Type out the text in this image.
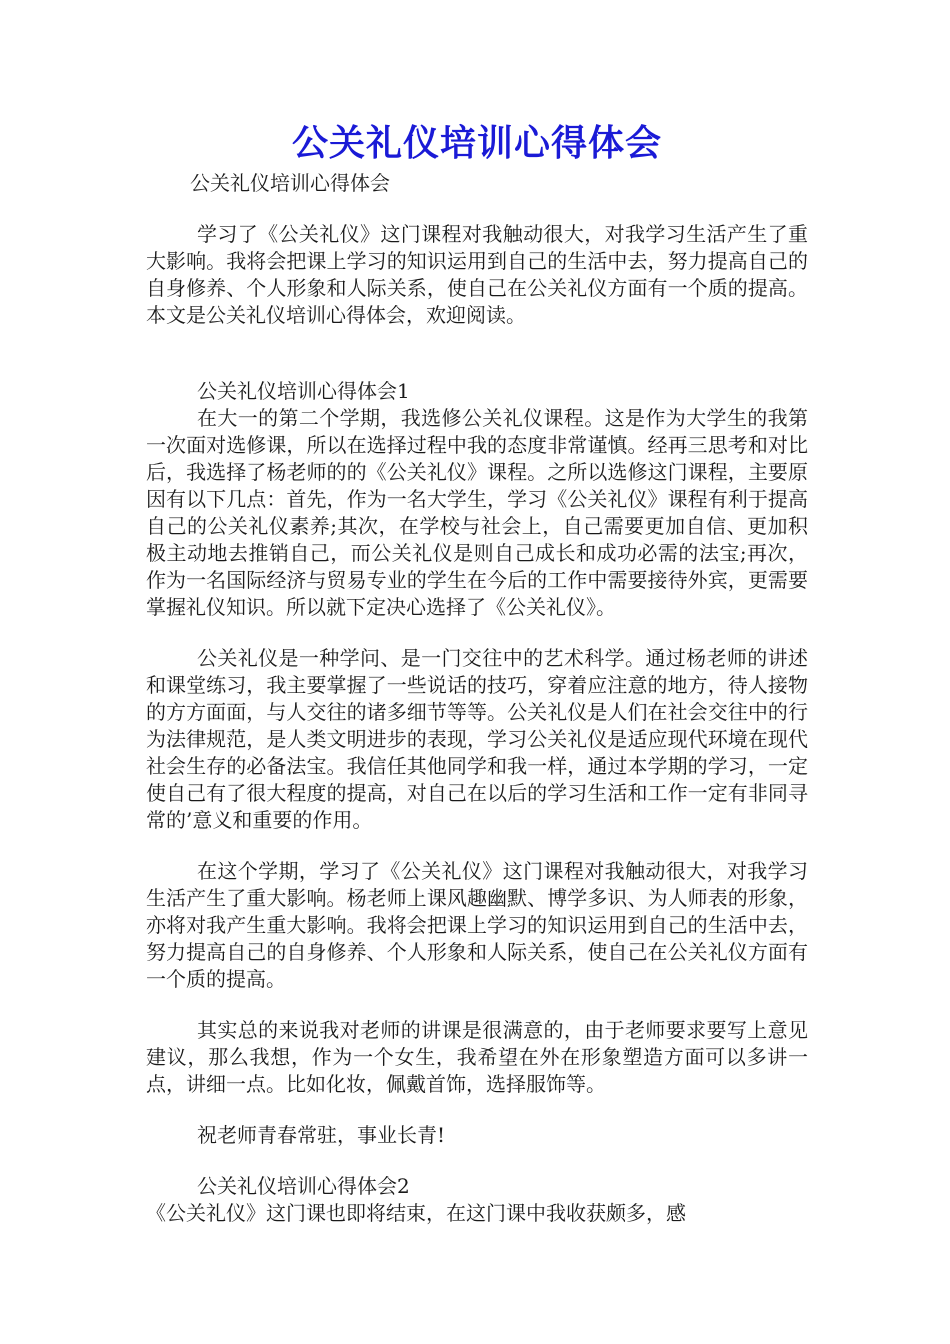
公关礼仪培训心得体会

公关礼仪培训心得体会

学习了《公关礼仪》这门课程对我触动很大，对我学习生活产生了重大影响。我将会把课上学习的知识运用到自己的生活中去，努力提高自己的自身修养、个人形象和人际关系，使自己在公关礼仪方面有一个质的提高。本文是公关礼仪培训心得体会，欢迎阅读。

公关礼仪培训心得体会1

在大一的第二个学期，我选修公关礼仪课程。这是作为大学生的我第一次面对选修课，所以在选择过程中我的态度非常谨慎。经再三思考和对比后，我选择了杨老师的的《公关礼仪》课程。之所以选修这门课程，主要原因有以下几点：首先，作为一名大学生，学习《公关礼仪》课程有利于提高自己的公关礼仪素养;其次，在学校与社会上，自己需要更加自信、更加积极主动地去推销自己，而公关礼仪是则自己成长和成功必需的法宝;再次，作为一名国际经济与贸易专业的学生在今后的工作中需要接待外宾，更需要掌握礼仪知识。所以就下定决心选择了《公关礼仪》。

公关礼仪是一种学问、是一门交往中的艺术科学。通过杨老师的讲述和课堂练习，我主要掌握了一些说话的技巧，穿着应注意的地方，待人接物的方方面面，与人交往的诸多细节等等。公关礼仪是人们在社会交往中的行为法律规范，是人类文明进步的表现，学习公关礼仪是适应现代环境在现代社会生存的必备法宝。我信任其他同学和我一样，通过本学期的学习，一定使自己有了很大程度的提高，对自己在以后的学习生活和工作一定有非同寻常的’意义和重要的作用。

在这个学期，学习了《公关礼仪》这门课程对我触动很大，对我学习生活产生了重大影响。杨老师上课风趣幽默、博学多识、为人师表的形象，亦将对我产生重大影响。我将会把课上学习的知识运用到自己的生活中去，努力提高自己的自身修养、个人形象和人际关系，使自己在公关礼仪方面有一个质的提高。

其实总的来说我对老师的讲课是很满意的，由于老师要求要写上意见建议，那么我想，作为一个女生，我希望在外在形象塑造方面可以多讲一点，讲细一点。比如化妆，佩戴首饰，选择服饰等。

祝老师青春常驻，事业长青!

公关礼仪培训心得体会2

《公关礼仪》这门课也即将结束，在这门课中我收获颇多，感
